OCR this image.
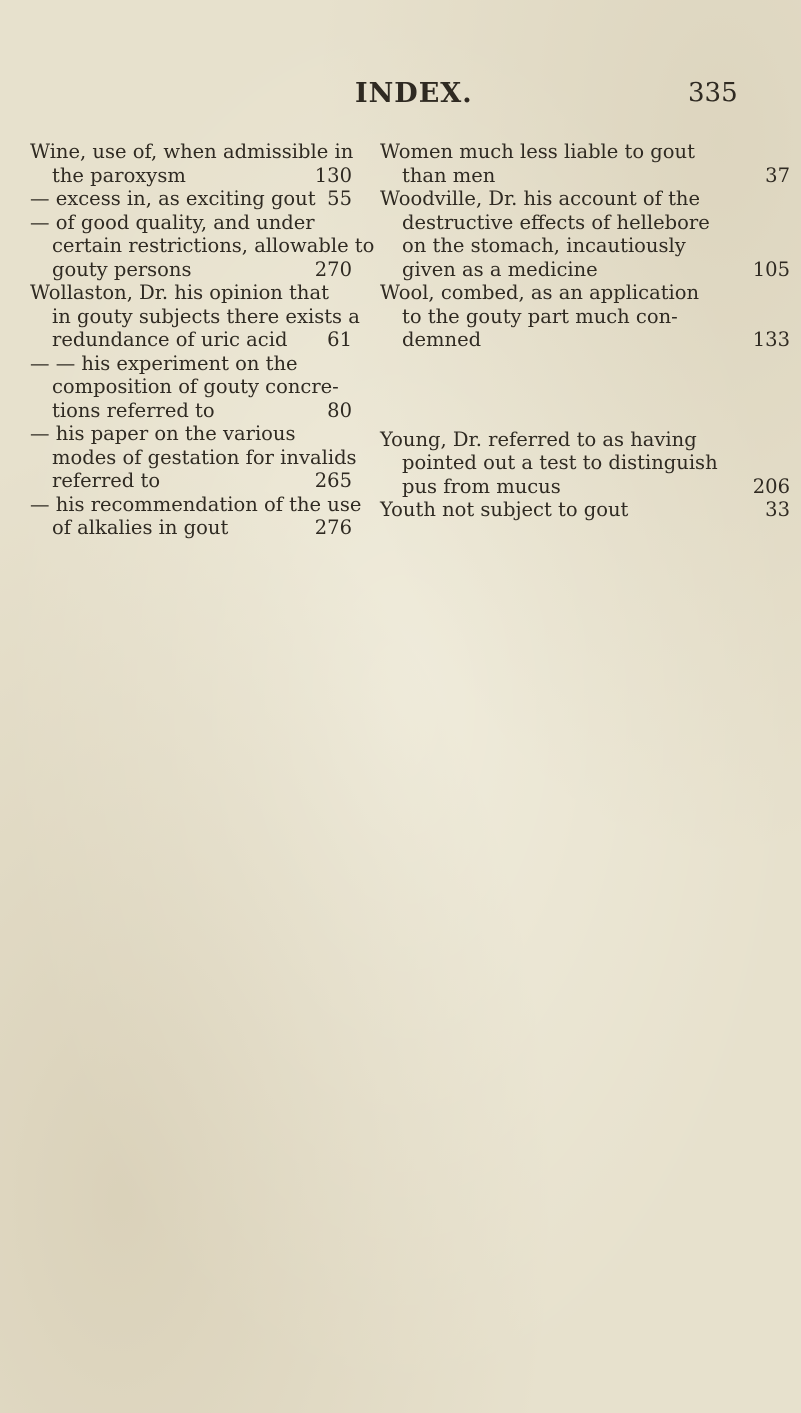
INDEX.	335
Wine, use of, when admissible in
the paroxysm	130
— excess in, as exciting gout 55
— of good quality, and under
certain restrictions, allowable to
gouty persons	270
Wollaston, Dr. his opinion that
in gouty subjects there exists a
redundance of uric acid 61
— — his experiment on the
composition of gouty concre-
tions referred to	80
— his paper on the various
modes of gestation for invalids
referred to	265
— his recommendation of the use
of alkalies in gout	276
Women much less liable to gout
than men	37
Woodville, Dr. his account of the
destructive effects of hellebore
on the stomach, incautiously
given as a medicine	105
Wool, combed, as an application
to the gouty part much con-
demned	133
Young, Dr. referred to as having
pointed out a test to distinguish
pus from mucus	206
Youth not subject to gout	33
